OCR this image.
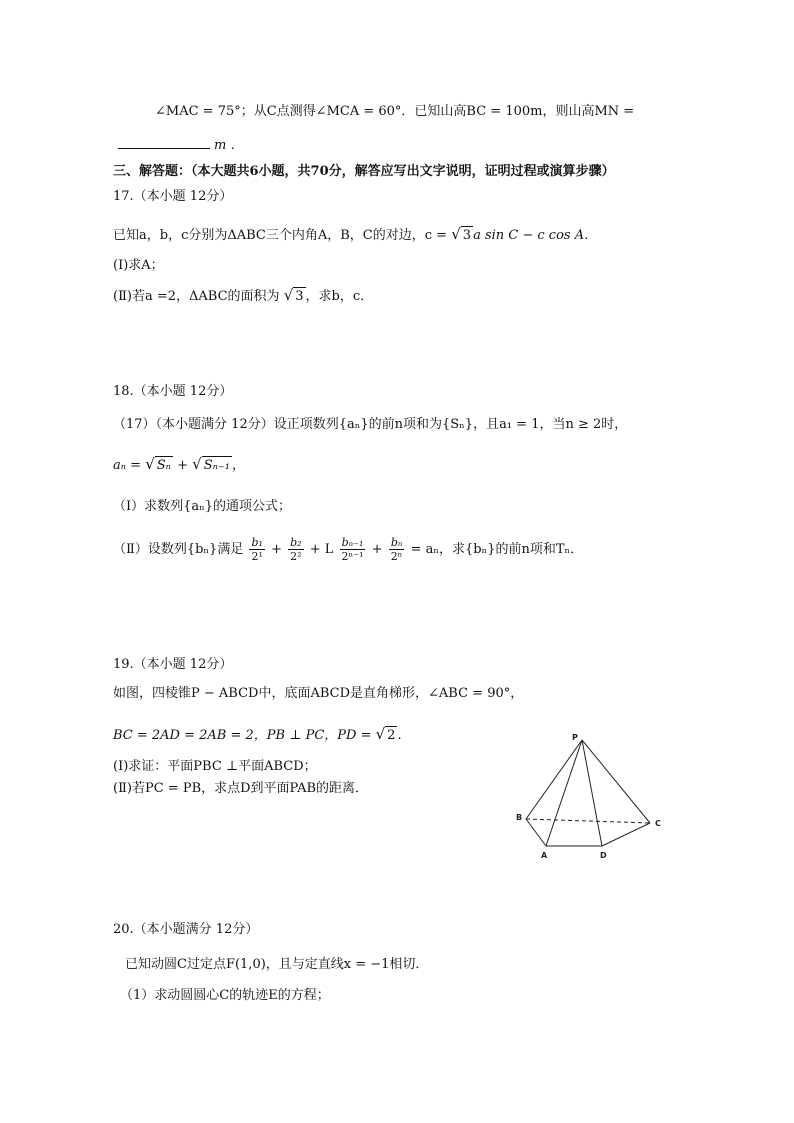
∠MAC = 75°；从C点测得∠MCA = 60°．已知山高BC = 100m，则山高MN =
m ．
三、解答题：（本大题共6小题，共70分，解答应写出文字说明，证明过程或演算步骤）
17.（本小题 12分）
已知a，b，c分别为ΔABC三个内角A，B，C的对边，c = √ 3 a sin C − c cos A．
(Ⅰ)求A；
(Ⅱ)若a =2，ΔABC的面积为 √ 3 ，求b，c．
18.（本小题 12分）
（17）（本小题满分 12分）设正项数列{aₙ}的前n项和为{Sₙ}，且a₁ = 1，当n ≥ 2时，
aₙ = √ Sₙ + √ Sₙ₋₁ ，
（Ⅰ）求数列{aₙ}的通项公式；
（Ⅱ）设数列{bₙ}满足 $\frac{\text{b₁}}{\text{2¹}} + \frac{\text{b₂}}{\text{2²}} + L \frac{\text{bₙ₋₁}}{\text{2ⁿ⁻¹}} + \frac{\text{bₙ}}{\text{2ⁿ}} = a_n$，求{bₙ}的前n项和Tₙ．
19.（本小题 12分）
如图，四棱锥P − ABCD中，底面ABCD是直角梯形，∠ABC = 90°，
BC = 2AD = 2AB = 2，PB ⊥ PC，PD = √ 2 .
(Ⅰ)求证：平面PBC ⊥平面ABCD；
(Ⅱ)若PC = PB，求点D到平面PAB的距离．
P
B
A	D
C
20.（本小题满分 12分）
已知动圆C过定点F(1,0)，且与定直线x = −1相切．
（1）求动圆圆心C的轨迹E的方程；
